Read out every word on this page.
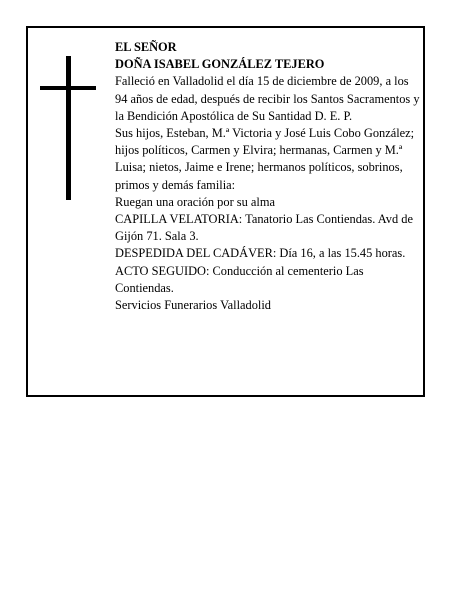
EL SEÑOR

DOÑA ISABEL GONZÁLEZ TEJERO

Falleció en Valladolid el día 15 de diciembre de 2009, a los 94 años de edad, después de recibir los Santos Sacramentos y la Bendición Apostólica de Su Santidad D. E. P.

Sus hijos, Esteban, M.ª Victoria y José Luis Cobo González; hijos políticos, Carmen y Elvira; hermanas, Carmen y M.ª Luisa; nietos, Jaime e Irene; hermanos políticos, sobrinos, primos y demás familia:

Ruegan una oración por su alma

CAPILLA VELATORIA: Tanatorio Las Contiendas. Avd de Gijón 71. Sala 3.

DESPEDIDA DEL CADÁVER: Día 16, a las 15.45 horas.

ACTO SEGUIDO: Conducción al cementerio Las Contiendas.

Servicios Funerarios Valladolid
